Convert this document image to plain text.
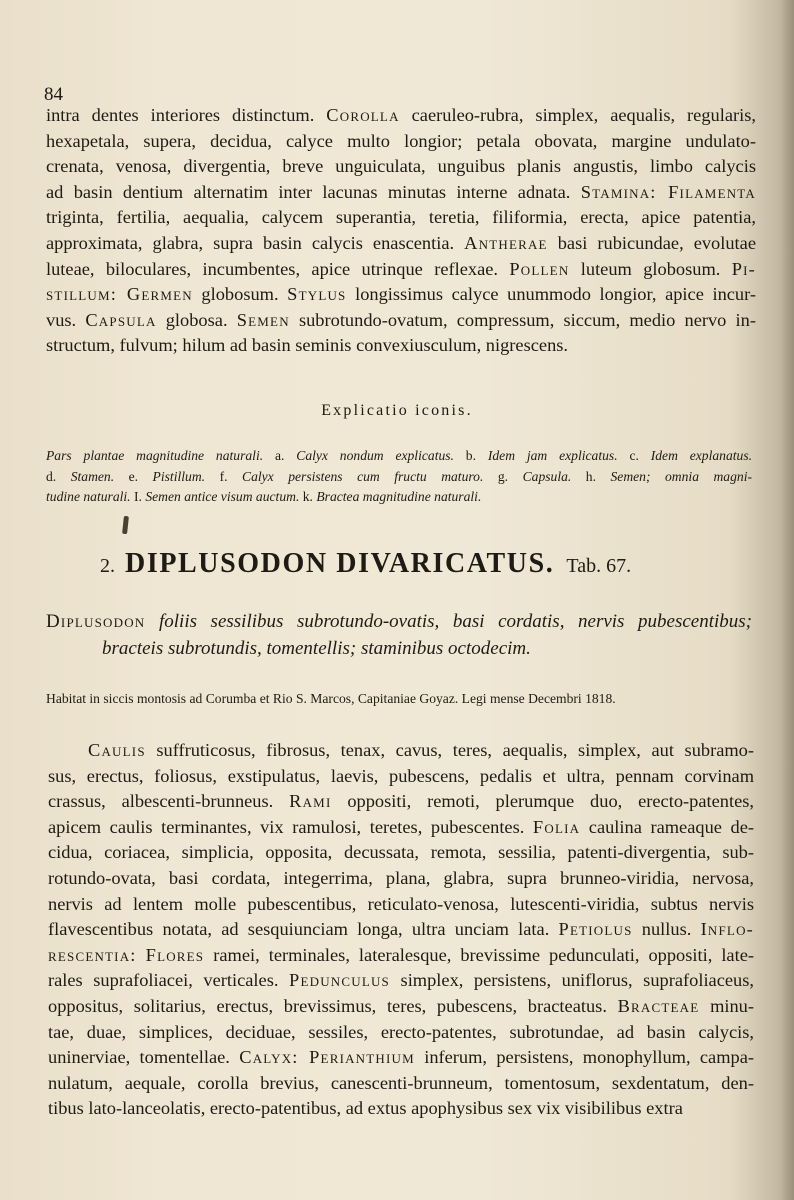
84
intra dentes interiores distinctum. Corolla caeruleo-rubra, simplex, aequalis, regularis,
hexapetala, supera, decidua, calyce multo longior; petala obovata, margine undulato-
crenata, venosa, divergentia, breve unguiculata, unguibus planis angustis, limbo calycis
ad basin dentium alternatim inter lacunas minutas interne adnata. Stamina: Filamenta
triginta, fertilia, aequalia, calycem superantia, teretia, filiformia, erecta, apice patentia,
approximata, glabra, supra basin calycis enascentia. Antherae basi rubicundae, evolutae
luteae, biloculares, incumbentes, apice utrinque reflexae. Pollen luteum globosum. Pi-
stillum: Germen globosum. Stylus longissimus calyce unummodo longior, apice incur-
vus. Capsula globosa. Semen subrotundo-ovatum, compressum, siccum, medio nervo in-
structum, fulvum; hilum ad basin seminis convexiusculum, nigrescens.
Explicatio iconis.
Pars plantae magnitudine naturali. a. Calyx nondum explicatus. b. Idem jam explicatus. c. Idem explanatus.
d. Stamen. e. Pistillum. f. Calyx persistens cum fructu maturo. g. Capsula. h. Semen; omnia magni-
tudine naturali. I. Semen antice visum auctum. k. Bractea magnitudine naturali.
2. DIPLUSODON DIVARICATUS. Tab. 67.
Diplusodon foliis sessilibus subrotundo-ovatis, basi cordatis, nervis pubescentibus;
bracteis subrotundis, tomentellis; staminibus octodecim.
Habitat in siccis montosis ad Corumba et Rio S. Marcos, Capitaniae Goyaz. Legi mense Decembri 1818.
Caulis suffruticosus, fibrosus, tenax, cavus, teres, aequalis, simplex, aut subramo-
sus, erectus, foliosus, exstipulatus, laevis, pubescens, pedalis et ultra, pennam corvinam
crassus, albescenti-brunneus. Rami oppositi, remoti, plerumque duo, erecto-patentes,
apicem caulis terminantes, vix ramulosi, teretes, pubescentes. Folia caulina rameaque de-
cidua, coriacea, simplicia, opposita, decussata, remota, sessilia, patenti-divergentia, sub-
rotundo-ovata, basi cordata, integerrima, plana, glabra, supra brunneo-viridia, nervosa,
nervis ad lentem molle pubescentibus, reticulato-venosa, lutescenti-viridia, subtus nervis
flavescentibus notata, ad sesquiunciam longa, ultra unciam lata. Petiolus nullus. Inflo-
rescentia: Flores ramei, terminales, lateralesque, brevissime pedunculati, oppositi, late-
rales suprafoliacei, verticales. Pedunculus simplex, persistens, uniflorus, suprafoliaceus,
oppositus, solitarius, erectus, brevissimus, teres, pubescens, bracteatus. Bracteae minu-
tae, duae, simplices, deciduae, sessiles, erecto-patentes, subrotundae, ad basin calycis,
uninerviae, tomentellae. Calyx: Perianthium inferum, persistens, monophyllum, campa-
nulatum, aequale, corolla brevius, canescenti-brunneum, tomentosum, sexdentatum, den-
tibus lato-lanceolatis, erecto-patentibus, ad extus apophysibus sex vix visibilibus extra
